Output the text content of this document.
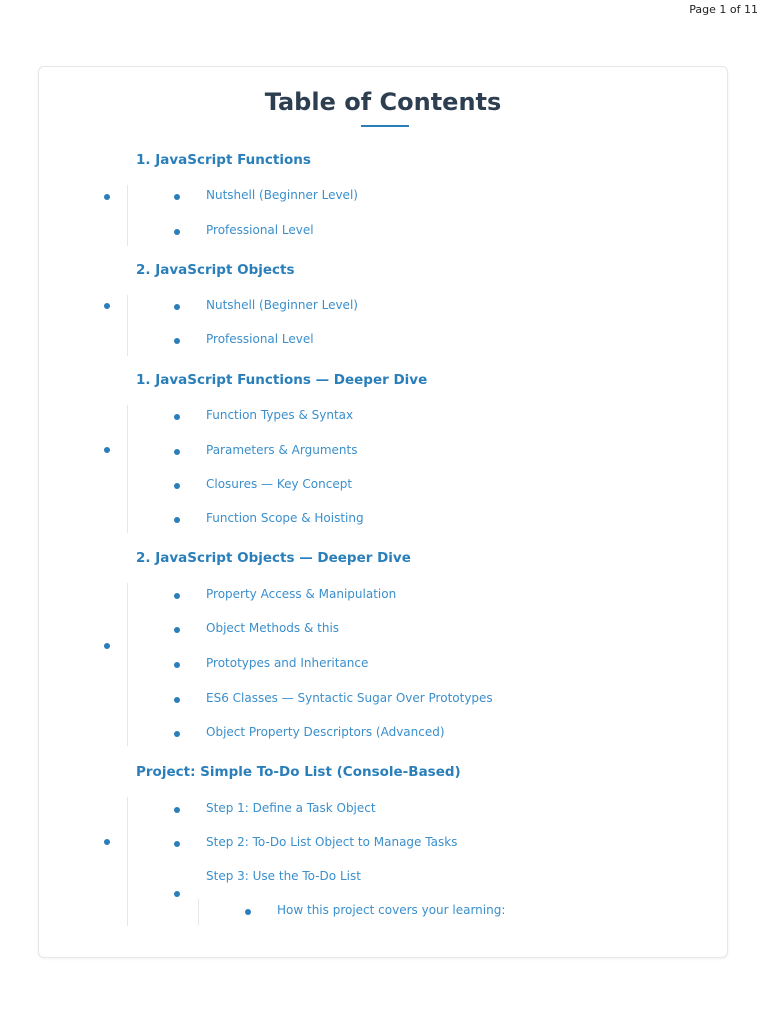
Page 1 of 11
Table of Contents
1. JavaScript Functions
Nutshell (Beginner Level)
Professional Level
2. JavaScript Objects
Nutshell (Beginner Level)
Professional Level
1. JavaScript Functions — Deeper Dive
Function Types & Syntax
Parameters & Arguments
Closures — Key Concept
Function Scope & Hoisting
2. JavaScript Objects — Deeper Dive
Property Access & Manipulation
Object Methods & this
Prototypes and Inheritance
ES6 Classes — Syntactic Sugar Over Prototypes
Object Property Descriptors (Advanced)
Project: Simple To-Do List (Console-Based)
Step 1: Define a Task Object
Step 2: To-Do List Object to Manage Tasks
Step 3: Use the To-Do List
How this project covers your learning:
